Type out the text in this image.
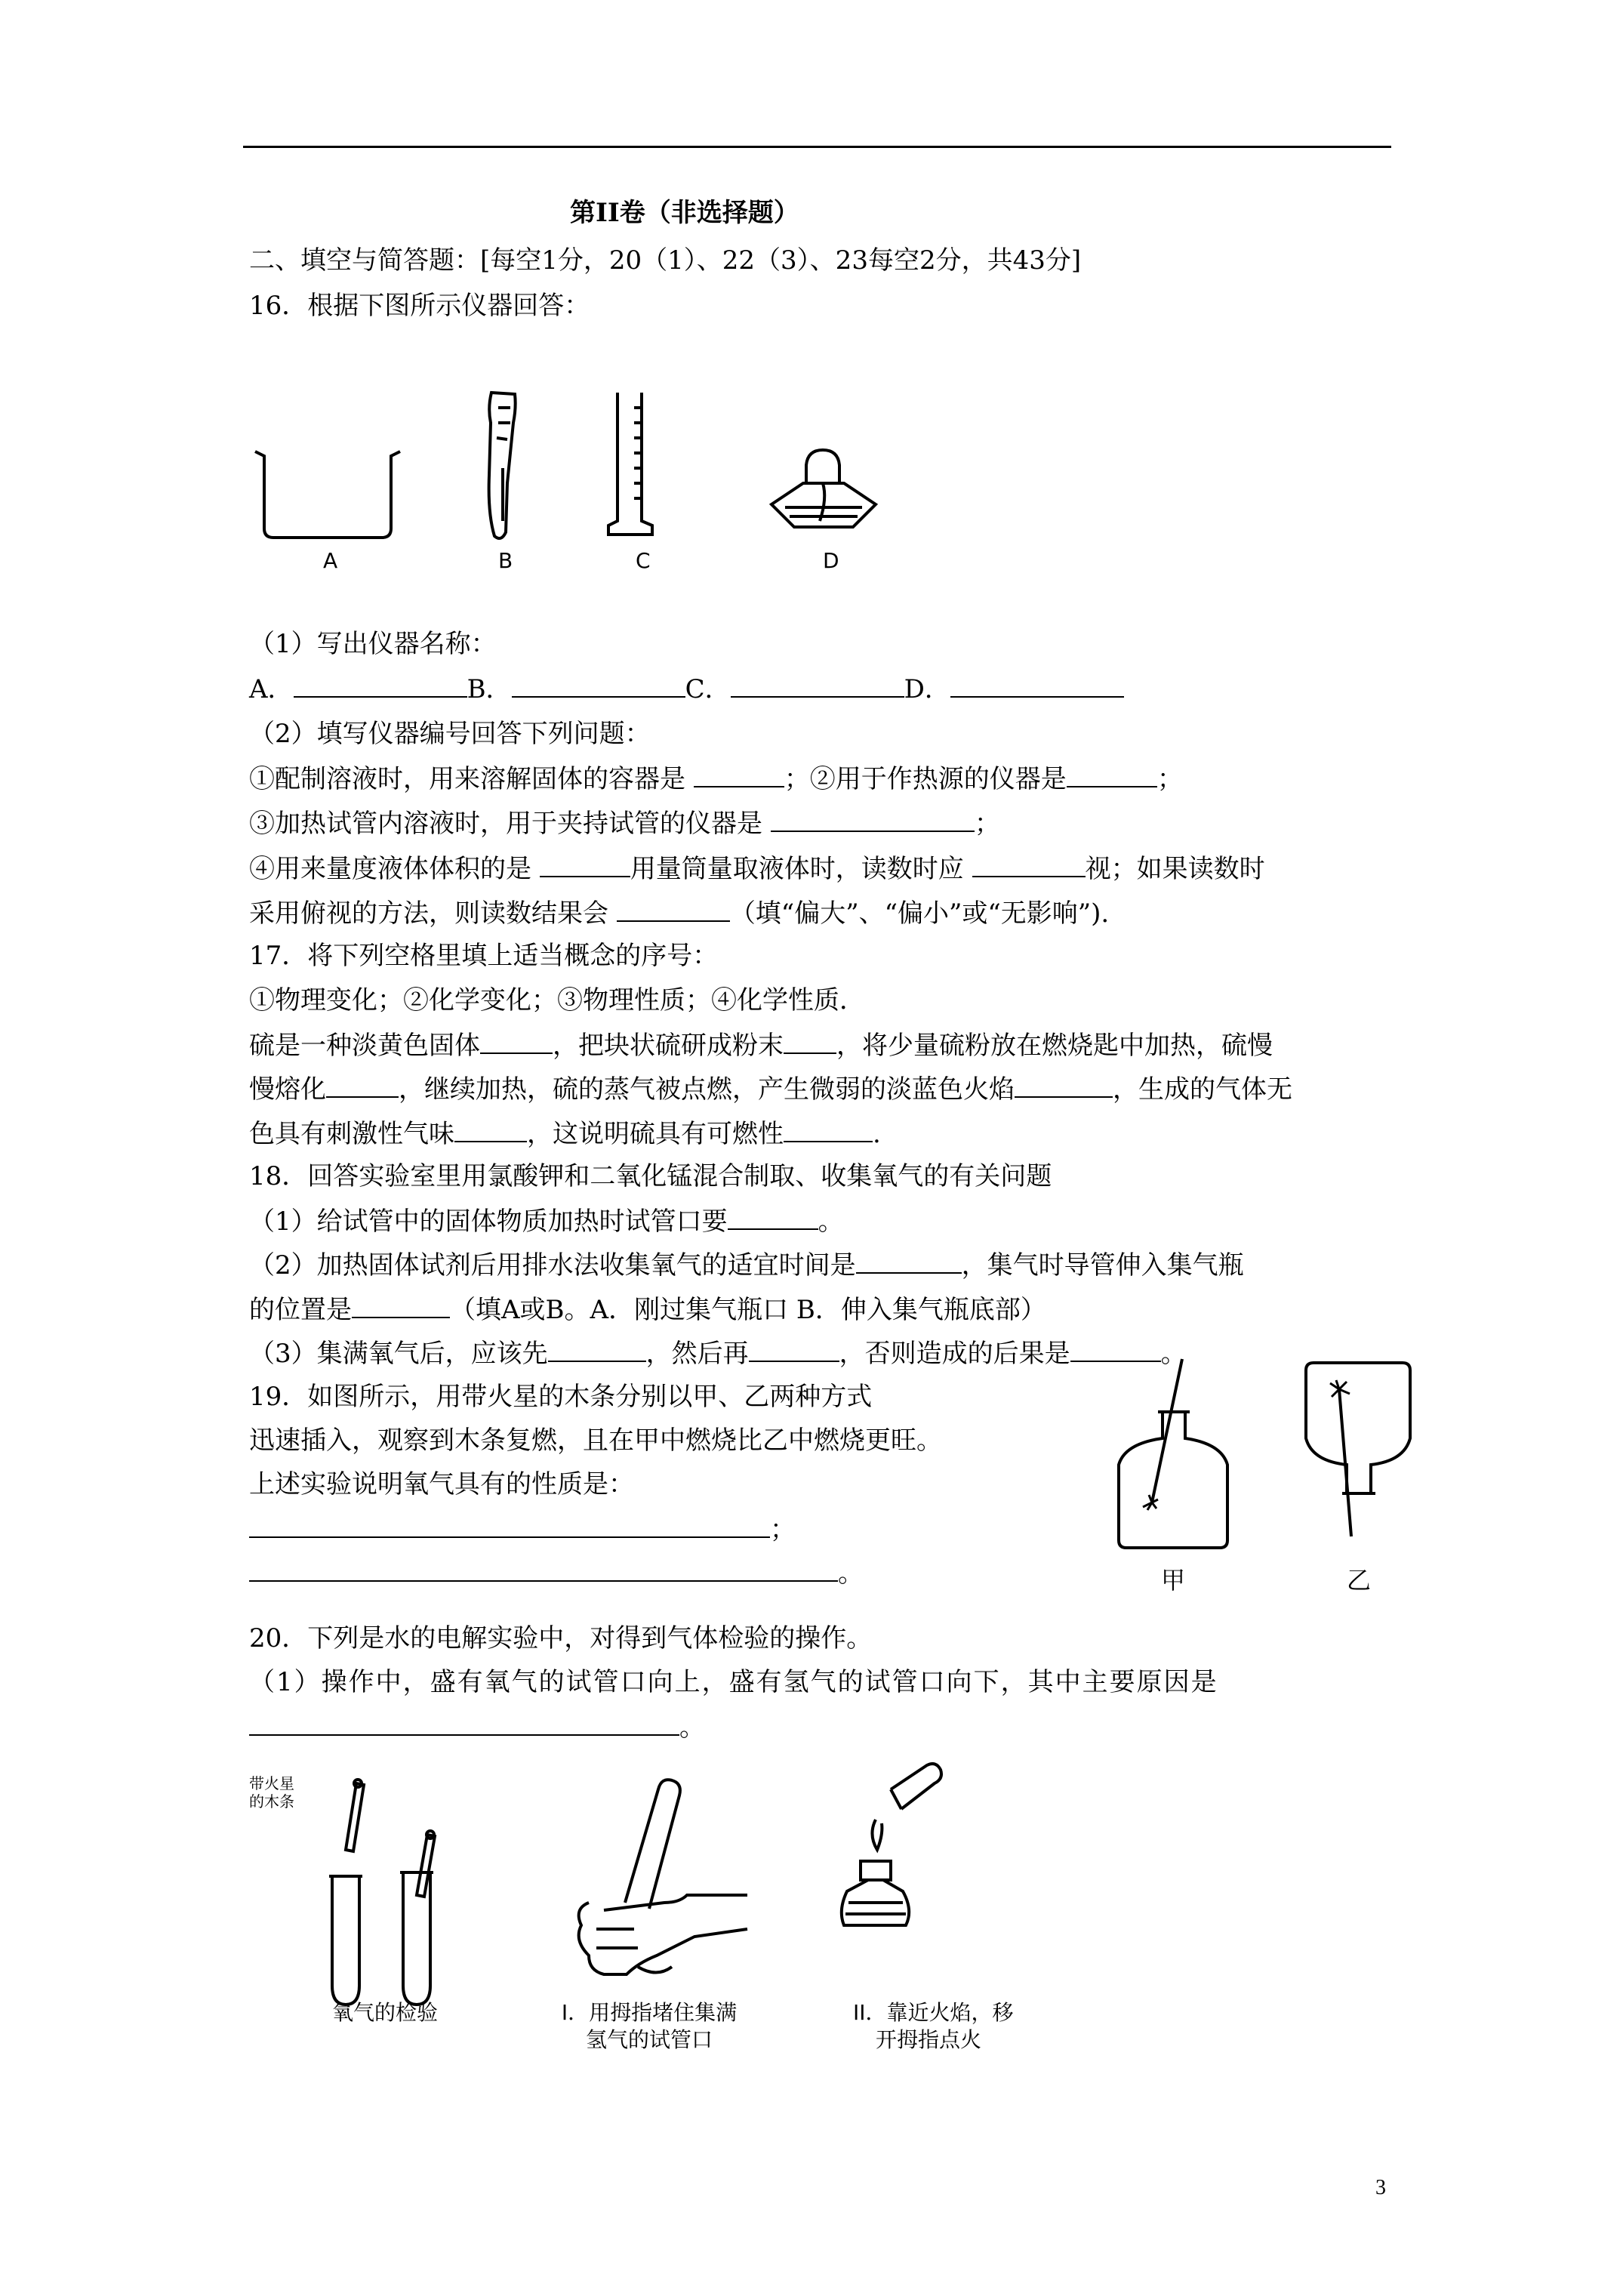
第II卷（非选择题）
二、填空与简答题：[每空1分，20（1）、22（3）、23每空2分，共43分]
16．根据下图所示仪器回答：
A	B	C	D
（1）写出仪器名称：
A．	B．	C．	D．
（2）填写仪器编号回答下列问题：
①配制溶液时，用来溶解固体的容器是	；②用于作热源的仪器是	；
③加热试管内溶液时，用于夹持试管的仪器是	；
④用来量度液体体积的是	用量筒量取液体时，读数时应	视；如果读数时
采用俯视的方法，则读数结果会	（填“偏大”、“偏小”或“无影响”).
17．将下列空格里填上适当概念的序号：
①物理变化；②化学变化；③物理性质；④化学性质．
硫是一种淡黄色固体	，把块状硫研成粉末 ，将少量硫粉放在燃烧匙中加热，硫慢
慢熔化	，继续加热，硫的蒸气被点燃，产生微弱的淡蓝色火焰	，生成的气体无
色具有刺激性气味	，这说明硫具有可燃性	.
18．回答实验室里用氯酸钾和二氧化锰混合制取、收集氧气的有关问题
（1）给试管中的固体物质加热时试管口要	。
（2）加热固体试剂后用排水法收集氧气的适宜时间是	，集气时导管伸入集气瓶
的位置是	（填A或B。A．刚过集气瓶口 B．伸入集气瓶底部）
（3）集满氧气后，应该先	，然后再	，否则造成的后果是	。
19．如图所示，用带火星的木条分别以甲、乙两种方式
迅速插入，观察到木条复燃，且在甲中燃烧比乙中燃烧更旺。
上述实验说明氧气具有的性质是：
；
。	甲	乙
20．下列是水的电解实验中，对得到气体检验的操作。
（1）操作中，盛有氧气的试管口向上，盛有氢气的试管口向下，其中主要原因是
。
带火星
的木条
氧气的检验	I．用拇指堵住集满
氢气的试管口
II．靠近火焰，移
开拇指点火
3
